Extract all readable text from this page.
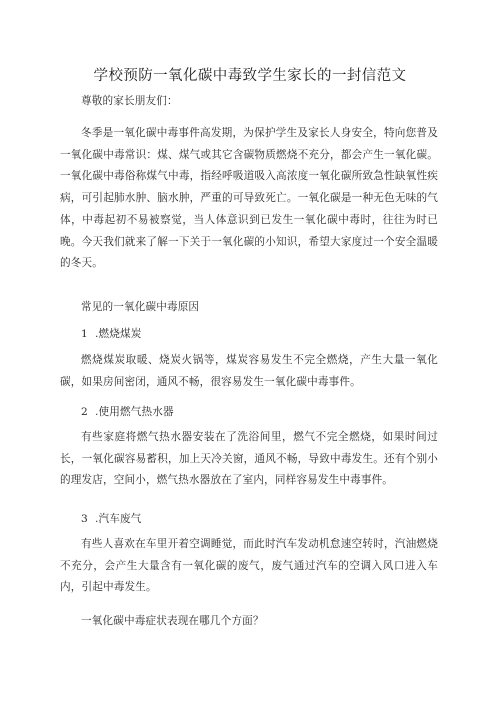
学校预防一氧化碳中毒致学生家长的一封信范文

尊敬的家长朋友们：

冬季是一氧化碳中毒事件高发期，为保护学生及家长人身安全，特向您普及一氧化碳中毒常识：煤、煤气或其它含碳物质燃烧不充分，都会产生一氧化碳。一氧化碳中毒俗称煤气中毒，指经呼吸道吸入高浓度一氧化碳所致急性缺氧性疾病，可引起肺水肿、脑水肿，严重的可导致死亡。一氧化碳是一种无色无味的气体，中毒起初不易被察觉，当人体意识到已发生一氧化碳中毒时，往往为时已晚。今天我们就来了解一下关于一氧化碳的小知识，希望大家度过一个安全温暖的冬天。

常见的一氧化碳中毒原因

1 .燃烧煤炭

燃烧煤炭取暖、烧炭火锅等，煤炭容易发生不完全燃烧，产生大量一氧化碳，如果房间密闭，通风不畅，很容易发生一氧化碳中毒事件。

2 .使用燃气热水器

有些家庭将燃气热水器安装在了洗浴间里，燃气不完全燃烧，如果时间过长，一氧化碳容易蓄积，加上天冷关窗，通风不畅，导致中毒发生。还有个别小的理发店，空间小，燃气热水器放在了室内，同样容易发生中毒事件。

3 .汽车废气

有些人喜欢在车里开着空调睡觉，而此时汽车发动机怠速空转时，汽油燃烧不充分，会产生大量含有一氧化碳的废气，废气通过汽车的空调入风口进入车内，引起中毒发生。

一氧化碳中毒症状表现在哪几个方面？
